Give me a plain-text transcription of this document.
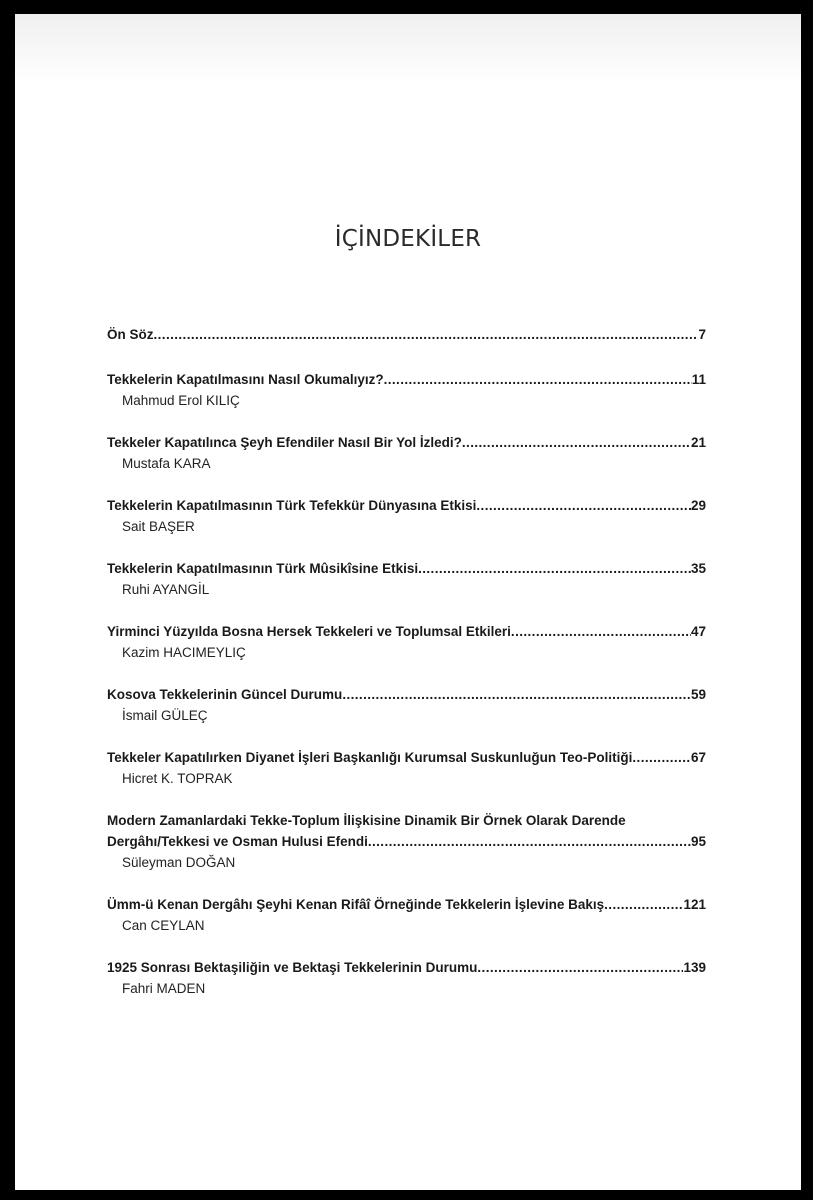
İÇİNDEKİLER
Ön Söz .....	7
Tekkelerin Kapatılmasını Nasıl Okumalıyız? .....	11
Mahmud Erol KILIÇ
Tekkeler Kapatılınca Şeyh Efendiler Nasıl Bir Yol İzledi? .....	21
Mustafa KARA
Tekkelerin Kapatılmasının Türk Tefekkür Dünyasına Etkisi .....	29
Sait BAŞER
Tekkelerin Kapatılmasının Türk Mûsikîsine Etkisi .....	35
Ruhi AYANGİL
Yirminci Yüzyılda Bosna Hersek Tekkeleri ve Toplumsal Etkileri .....	47
Kazim HACIMEYLIÇ
Kosova Tekkelerinin Güncel Durumu .....	59
İsmail GÜLEÇ
Tekkeler Kapatılırken Diyanet İşleri Başkanlığı Kurumsal Suskunluğun Teo-Politiği .....	67
Hicret K. TOPRAK
Modern Zamanlardaki Tekke-Toplum İlişkisine Dinamik Bir Örnek Olarak Darende
Dergâhı/Tekkesi ve Osman Hulusi Efendi .....	95
Süleyman DOĞAN
Ümm-ü Kenan Dergâhı Şeyhi Kenan Rifâî Örneğinde Tekkelerin İşlevine Bakış .....	121
Can CEYLAN
1925 Sonrası Bektaşiliğin ve Bektaşi Tekkelerinin Durumu .....	139
Fahri MADEN
